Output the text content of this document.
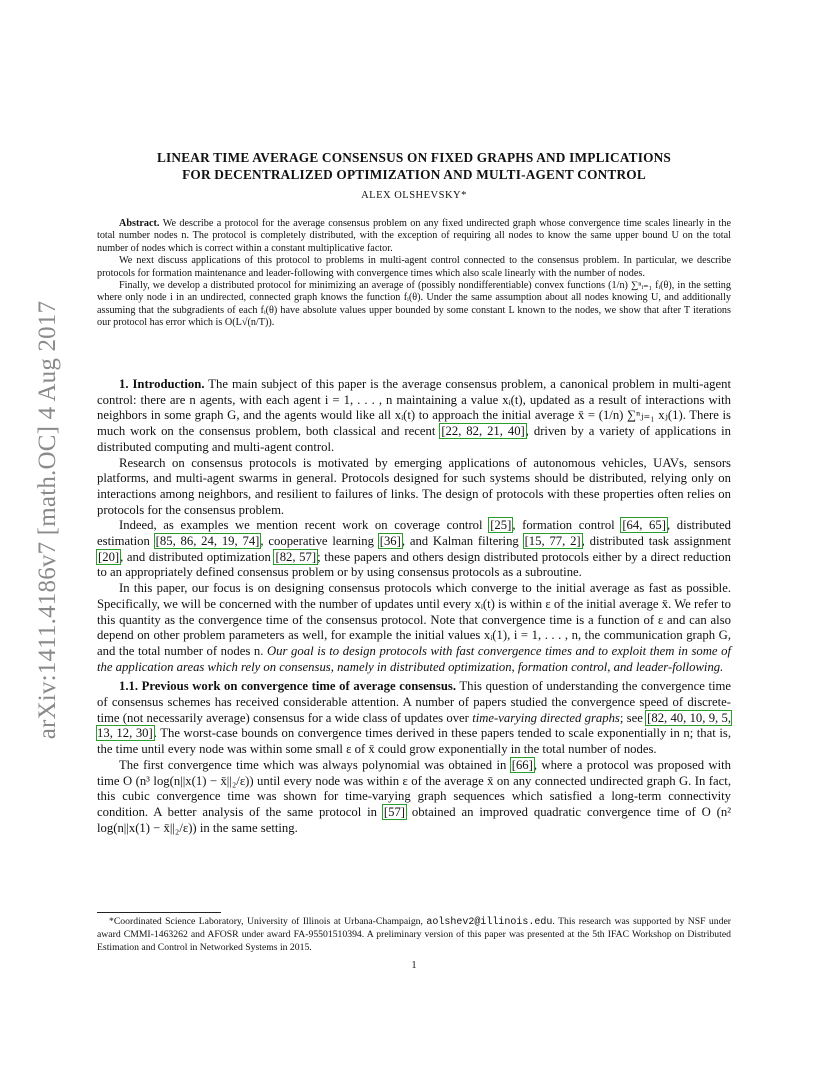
arXiv:1411.4186v7 [math.OC] 4 Aug 2017
LINEAR TIME AVERAGE CONSENSUS ON FIXED GRAPHS AND IMPLICATIONS
FOR DECENTRALIZED OPTIMIZATION AND MULTI-AGENT CONTROL
ALEX OLSHEVSKY*

Abstract. We describe a protocol for the average consensus problem on any fixed undirected graph whose convergence time scales linearly in the total number nodes n. The protocol is completely distributed, with the exception of requiring all nodes to know the same upper bound U on the total number of nodes which is correct within a constant multiplicative factor.

We next discuss applications of this protocol to problems in multi-agent control connected to the consensus problem. In particular, we describe protocols for formation maintenance and leader-following with convergence times which also scale linearly with the number of nodes.

Finally, we develop a distributed protocol for minimizing an average of (possibly nondifferentiable) convex functions (1/n) ∑ⁿᵢ₌₁ fᵢ(θ), in the setting where only node i in an undirected, connected graph knows the function fᵢ(θ). Under the same assumption about all nodes knowing U, and additionally assuming that the subgradients of each fᵢ(θ) have absolute values upper bounded by some constant L known to the nodes, we show that after T iterations our protocol has error which is O(L√(n/T)).

1. Introduction. The main subject of this paper is the average consensus problem, a canonical problem in multi-agent control: there are n agents, with each agent i = 1, . . . , n maintaining a value xᵢ(t), updated as a result of interactions with neighbors in some graph G, and the agents would like all xᵢ(t) to approach the initial average x̄ = (1/n) ∑ⁿⱼ₌₁ xⱼ(1). There is much work on the consensus problem, both classical and recent [22, 82, 21, 40], driven by a variety of applications in distributed computing and multi-agent control.

Research on consensus protocols is motivated by emerging applications of autonomous vehicles, UAVs, sensors platforms, and multi-agent swarms in general. Protocols designed for such systems should be distributed, relying only on interactions among neighbors, and resilient to failures of links. The design of protocols with these properties often relies on protocols for the consensus problem.

Indeed, as examples we mention recent work on coverage control [25], formation control [64, 65], distributed estimation [85, 86, 24, 19, 74], cooperative learning [36], and Kalman filtering [15, 77, 2], distributed task assignment [20], and distributed optimization [82, 57]; these papers and others design distributed protocols either by a direct reduction to an appropriately defined consensus problem or by using consensus protocols as a subroutine.

In this paper, our focus is on designing consensus protocols which converge to the initial average as fast as possible. Specifically, we will be concerned with the number of updates until every xᵢ(t) is within ε of the initial average x̄. We refer to this quantity as the convergence time of the consensus protocol. Note that convergence time is a function of ε and can also depend on other problem parameters as well, for example the initial values xᵢ(1), i = 1, . . . , n, the communication graph G, and the total number of nodes n. Our goal is to design protocols with fast convergence times and to exploit them in some of the application areas which rely on consensus, namely in distributed optimization, formation control, and leader-following.

1.1. Previous work on convergence time of average consensus. This question of understanding the convergence time of consensus schemes has received considerable attention. A number of papers studied the convergence speed of discrete-time (not necessarily average) consensus for a wide class of updates over time-varying directed graphs; see [82, 40, 10, 9, 5, 13, 12, 30]. The worst-case bounds on convergence times derived in these papers tended to scale exponentially in n; that is, the time until every node was within some small ε of x̄ could grow exponentially in the total number of nodes.

The first convergence time which was always polynomial was obtained in [66], where a protocol was proposed with time O (n³ log(n||x(1) − x̄||₂/ε)) until every node was within ε of the average x̄ on any connected undirected graph G. In fact, this cubic convergence time was shown for time-varying graph sequences which satisfied a long-term connectivity condition. A better analysis of the same protocol in [57] obtained an improved quadratic convergence time of O (n² log(n||x(1) − x̄||₂/ε)) in the same setting.

*Coordinated Science Laboratory, University of Illinois at Urbana-Champaign, aolshev2@illinois.edu. This research was supported by NSF under award CMMI-1463262 and AFOSR under award FA-95501510394. A preliminary version of this paper was presented at the 5th IFAC Workshop on Distributed Estimation and Control in Networked Systems in 2015.
1
